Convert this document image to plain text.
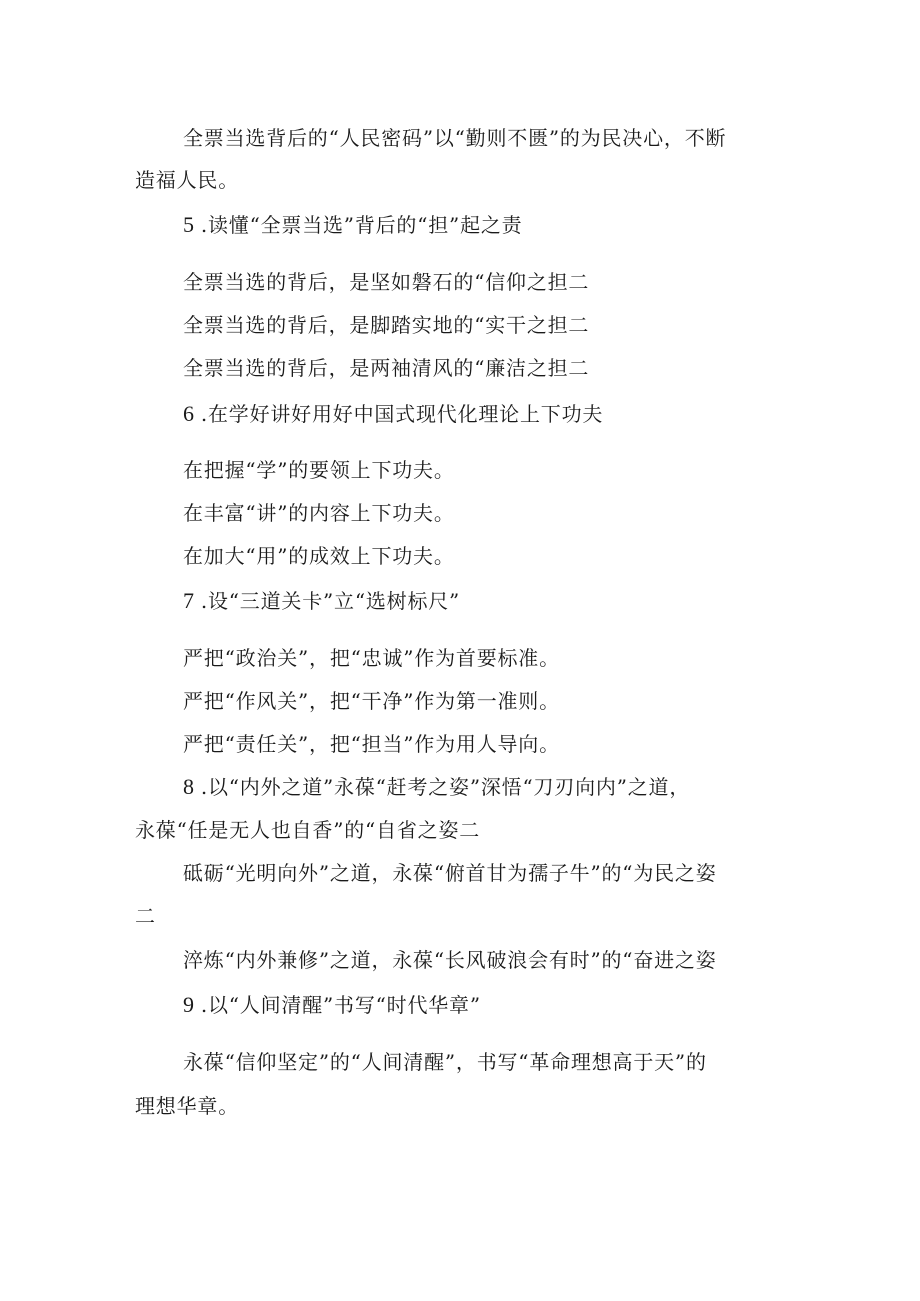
全票当选背后的“人民密码”以“勤则不匮”的为民决心，不断
造福人民。
5 .读懂“全票当选”背后的“担”起之责
全票当选的背后，是坚如磐石的“信仰之担二
全票当选的背后，是脚踏实地的“实干之担二
全票当选的背后，是两袖清风的“廉洁之担二
6 .在学好讲好用好中国式现代化理论上下功夫
在把握“学”的要领上下功夫。
在丰富“讲”的内容上下功夫。
在加大“用”的成效上下功夫。
7 .设“三道关卡”立“选树标尺”
严把“政治关”，把“忠诚”作为首要标准。
严把“作风关”，把“干净”作为第一准则。
严把“责任关”，把“担当”作为用人导向。
8 .以“内外之道”永葆“赶考之姿”深悟“刀刃向内”之道，
永葆“任是无人也自香”的“自省之姿二
砥砺“光明向外”之道，永葆“俯首甘为孺子牛”的“为民之姿
二
淬炼“内外兼修”之道，永葆“长风破浪会有时”的“奋进之姿
9 .以“人间清醒”书写“时代华章”
永葆“信仰坚定”的“人间清醒”，书写“革命理想高于天”的
理想华章。
